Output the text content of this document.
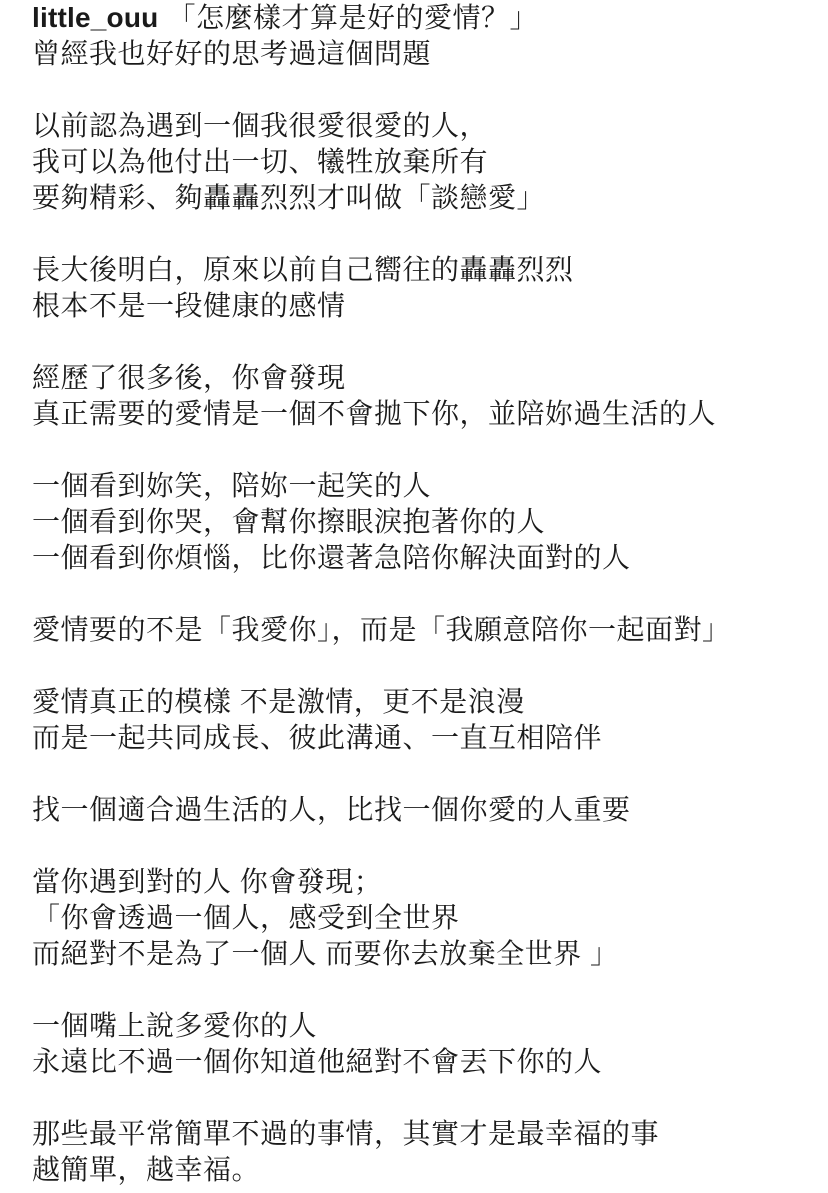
little_ouu 「怎麼樣才算是好的愛情？」
曾經我也好好的思考過這個問題

以前認為遇到一個我很愛很愛的人，
我可以為他付出一切、犧牲放棄所有
要夠精彩、夠轟轟烈烈才叫做「談戀愛」

長大後明白，原來以前自己嚮往的轟轟烈烈
根本不是一段健康的感情

經歷了很多後，你會發現
真正需要的愛情是一個不會拋下你，並陪妳過生活的人

一個看到妳笑，陪妳一起笑的人
一個看到你哭，會幫你擦眼淚抱著你的人
一個看到你煩惱，比你還著急陪你解決面對的人

愛情要的不是「我愛你」，而是「我願意陪你一起面對」

愛情真正的模樣 不是激情，更不是浪漫
而是一起共同成長、彼此溝通、一直互相陪伴

找一個適合過生活的人，比找一個你愛的人重要

當你遇到對的人 你會發現；
「你會透過一個人，感受到全世界
而絕對不是為了一個人 而要你去放棄全世界 」

一個嘴上說多愛你的人
永遠比不過一個你知道他絕對不會丟下你的人

那些最平常簡單不過的事情，其實才是最幸福的事
越簡單，越幸福。
